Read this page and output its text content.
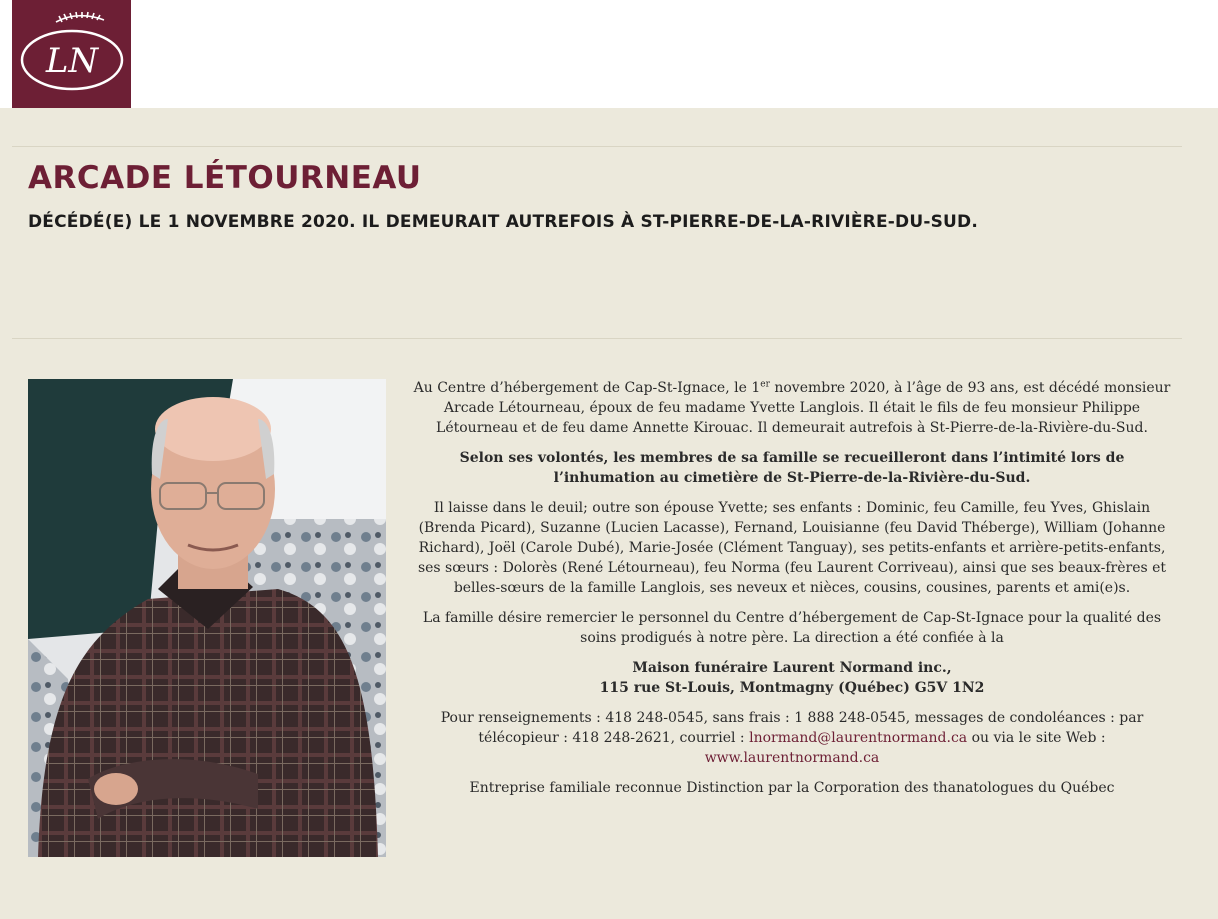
LN
ARCADE LÉTOURNEAU
DÉCÉDÉ(E) LE 1 NOVEMBRE 2020. IL DEMEURAIT AUTREFOIS À ST-PIERRE-DE-LA-RIVIÈRE-DU-SUD.

Au Centre d’hébergement de Cap-St-Ignace, le 1er novembre 2020, à l’âge de 93 ans, est décédé monsieur Arcade Létourneau, époux de feu madame Yvette Langlois. Il était le fils de feu monsieur Philippe Létourneau et de feu dame Annette Kirouac. Il demeurait autrefois à St-Pierre-de-la-Rivière-du-Sud.

Selon ses volontés, les membres de sa famille se recueilleront dans l’intimité lors de l’inhumation au cimetière de St-Pierre-de-la-Rivière-du-Sud.

Il laisse dans le deuil; outre son épouse Yvette; ses enfants : Dominic, feu Camille, feu Yves, Ghislain (Brenda Picard), Suzanne (Lucien Lacasse), Fernand, Louisianne (feu David Théberge), William (Johanne Richard), Joël (Carole Dubé), Marie-Josée (Clément Tanguay), ses petits-enfants et arrière-petits-enfants, ses sœurs : Dolorès (René Létourneau), feu Norma (feu Laurent Corriveau), ainsi que ses beaux-frères et belles-sœurs de la famille Langlois, ses neveux et nièces, cousins, cousines, parents et ami(e)s.

La famille désire remercier le personnel du Centre d’hébergement de Cap-St-Ignace pour la qualité des soins prodigués à notre père. La direction a été confiée à la

Maison funéraire Laurent Normand inc.,
115 rue St-Louis, Montmagny (Québec) G5V 1N2

Pour renseignements : 418 248-0545, sans frais : 1 888 248-0545, messages de condoléances : par télécopieur : 418 248-2621, courriel : lnormand@laurentnormand.ca ou via le site Web : www.laurentnormand.ca

Entreprise familiale reconnue Distinction par la Corporation des thanatologues du Québec
